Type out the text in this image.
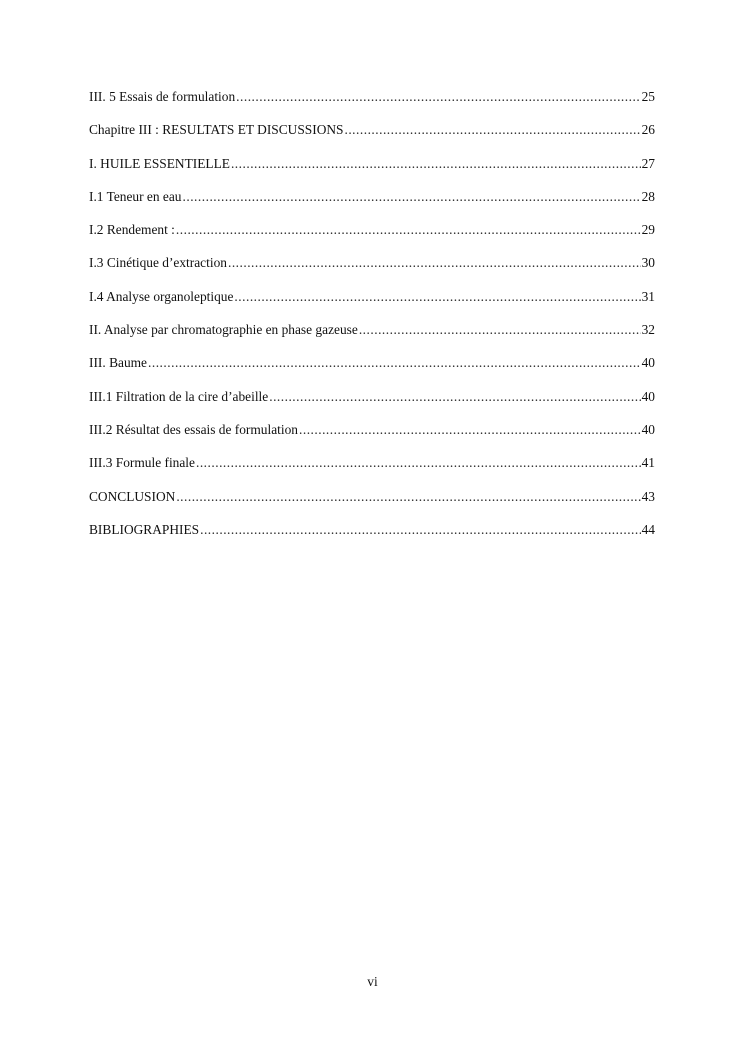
III. 5 Essais de formulation .....	25
Chapitre III : RESULTATS ET DISCUSSIONS .....	26
I. HUILE ESSENTIELLE .....	27
I.1 Teneur en eau .....	28
I.2 Rendement : .....	29
I.3 Cinétique d’extraction .....	30
I.4 Analyse organoleptique .....	31
II. Analyse par chromatographie en phase gazeuse .....	32
III. Baume .....	40
III.1 Filtration de la cire d’abeille .....	40
III.2 Résultat des essais de formulation .....	40
III.3 Formule finale .....	41
CONCLUSION .....	43
BIBLIOGRAPHIES .....	44
vi
